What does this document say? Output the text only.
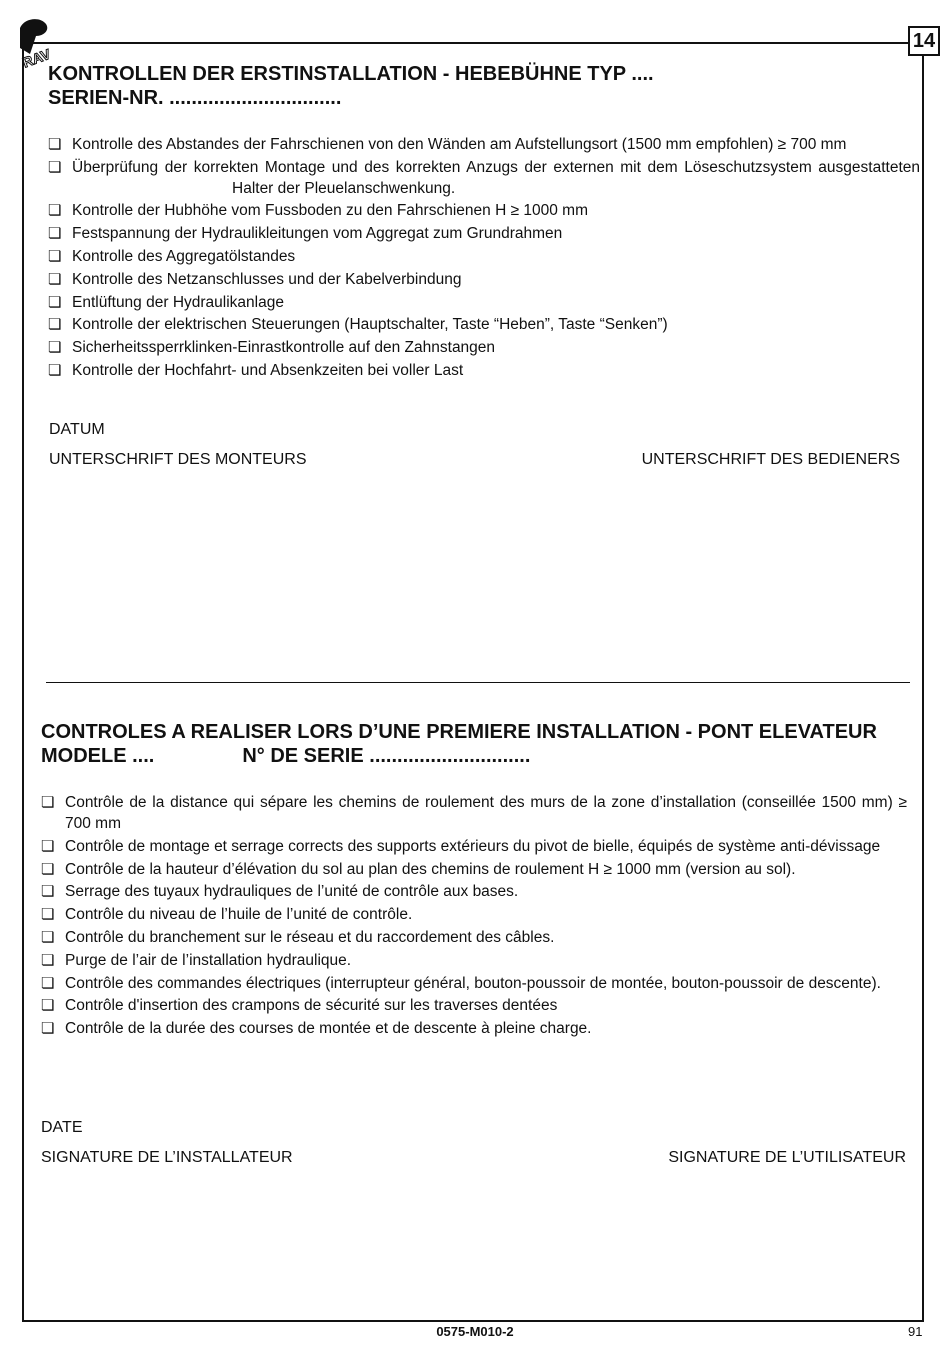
RAV
14

KONTROLLEN DER ERSTINSTALLATION - HEBEBÜHNE TYP ....
SERIEN-NR. ...............................

❏ Kontrolle des Abstandes der Fahrschienen von den Wänden am Aufstellungsort (1500 mm empfohlen) ≥ 700 mm
❏ Überprüfung der korrekten Montage und des korrekten Anzugs der externen mit dem Löseschutzsystem ausgestatteten
Halter der Pleuelanschwenkung.
❏ Kontrolle der Hubhöhe vom Fussboden zu den Fahrschienen H ≥ 1000 mm
❏ Festspannung der Hydraulikleitungen vom Aggregat zum Grundrahmen
❏ Kontrolle des Aggregatölstandes
❏ Kontrolle des Netzanschlusses und der Kabelverbindung
❏ Entlüftung der Hydraulikanlage
❏ Kontrolle der elektrischen Steuerungen (Hauptschalter, Taste “Heben”, Taste “Senken”)
❏ Sicherheitssperrklinken-Einrastkontrolle auf den Zahnstangen
❏ Kontrolle der Hochfahrt- und Absenkzeiten bei voller Last
DATUM
UNTERSCHRIFT DES MONTEURS	UNTERSCHRIFT DES BEDIENERS

CONTROLES A REALISER LORS D’UNE PREMIERE INSTALLATION - PONT ELEVATEUR
MODELE ....	N° DE SERIE .............................

❏ Contrôle de la distance qui sépare les chemins de roulement des murs de la zone d’installation (conseillée 1500 mm) ≥ 700 mm
❏ Contrôle de montage et serrage corrects des supports extérieurs du pivot de bielle, équipés de système anti-dévissage
❏ Contrôle de la hauteur d’élévation du sol au plan des chemins de roulement H ≥ 1000 mm (version au sol).
❏ Serrage des tuyaux hydrauliques de l’unité de contrôle aux bases.
❏ Contrôle du niveau de l’huile de l’unité de contrôle.
❏ Contrôle du branchement sur le réseau et du raccordement des câbles.
❏ Purge de l’air de l’installation hydraulique.
❏ Contrôle des commandes électriques (interrupteur général, bouton-poussoir de montée, bouton-poussoir de descente).
❏ Contrôle d'insertion des crampons de sécurité sur les traverses dentées
❏ Contrôle de la durée des courses de montée et de descente à pleine charge.
DATE
SIGNATURE DE L’INSTALLATEUR	SIGNATURE DE L’UTILISATEUR
0575-M010-2	91
